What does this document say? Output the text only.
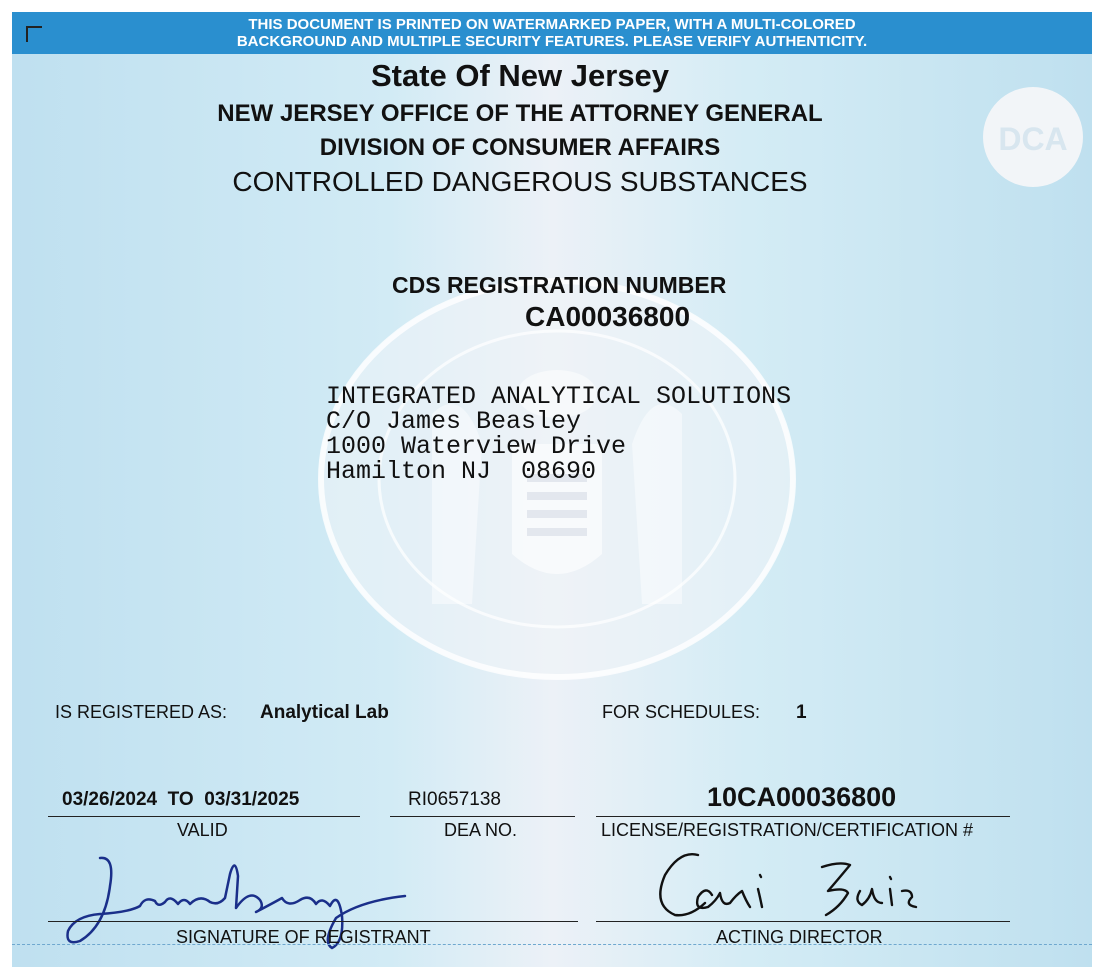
THIS DOCUMENT IS PRINTED ON WATERMARKED PAPER, WITH A MULTI-COLORED
BACKGROUND AND MULTIPLE SECURITY FEATURES. PLEASE VERIFY AUTHENTICITY.
DCA
State Of New Jersey
NEW JERSEY OFFICE OF THE ATTORNEY GENERAL
DIVISION OF CONSUMER AFFAIRS
CONTROLLED DANGEROUS SUBSTANCES
CDS REGISTRATION NUMBER
CA00036800
INTEGRATED ANALYTICAL SOLUTIONS
C/O James Beasley
1000 Waterview Drive
Hamilton NJ  08690
IS REGISTERED AS: Analytical Lab	FOR SCHEDULES: 1
03/26/2024  TO  03/31/2025
VALID
RI0657138
DEA NO.
10CA00036800
LICENSE/REGISTRATION/CERTIFICATION #
SIGNATURE OF REGISTRANT	ACTING DIRECTOR
